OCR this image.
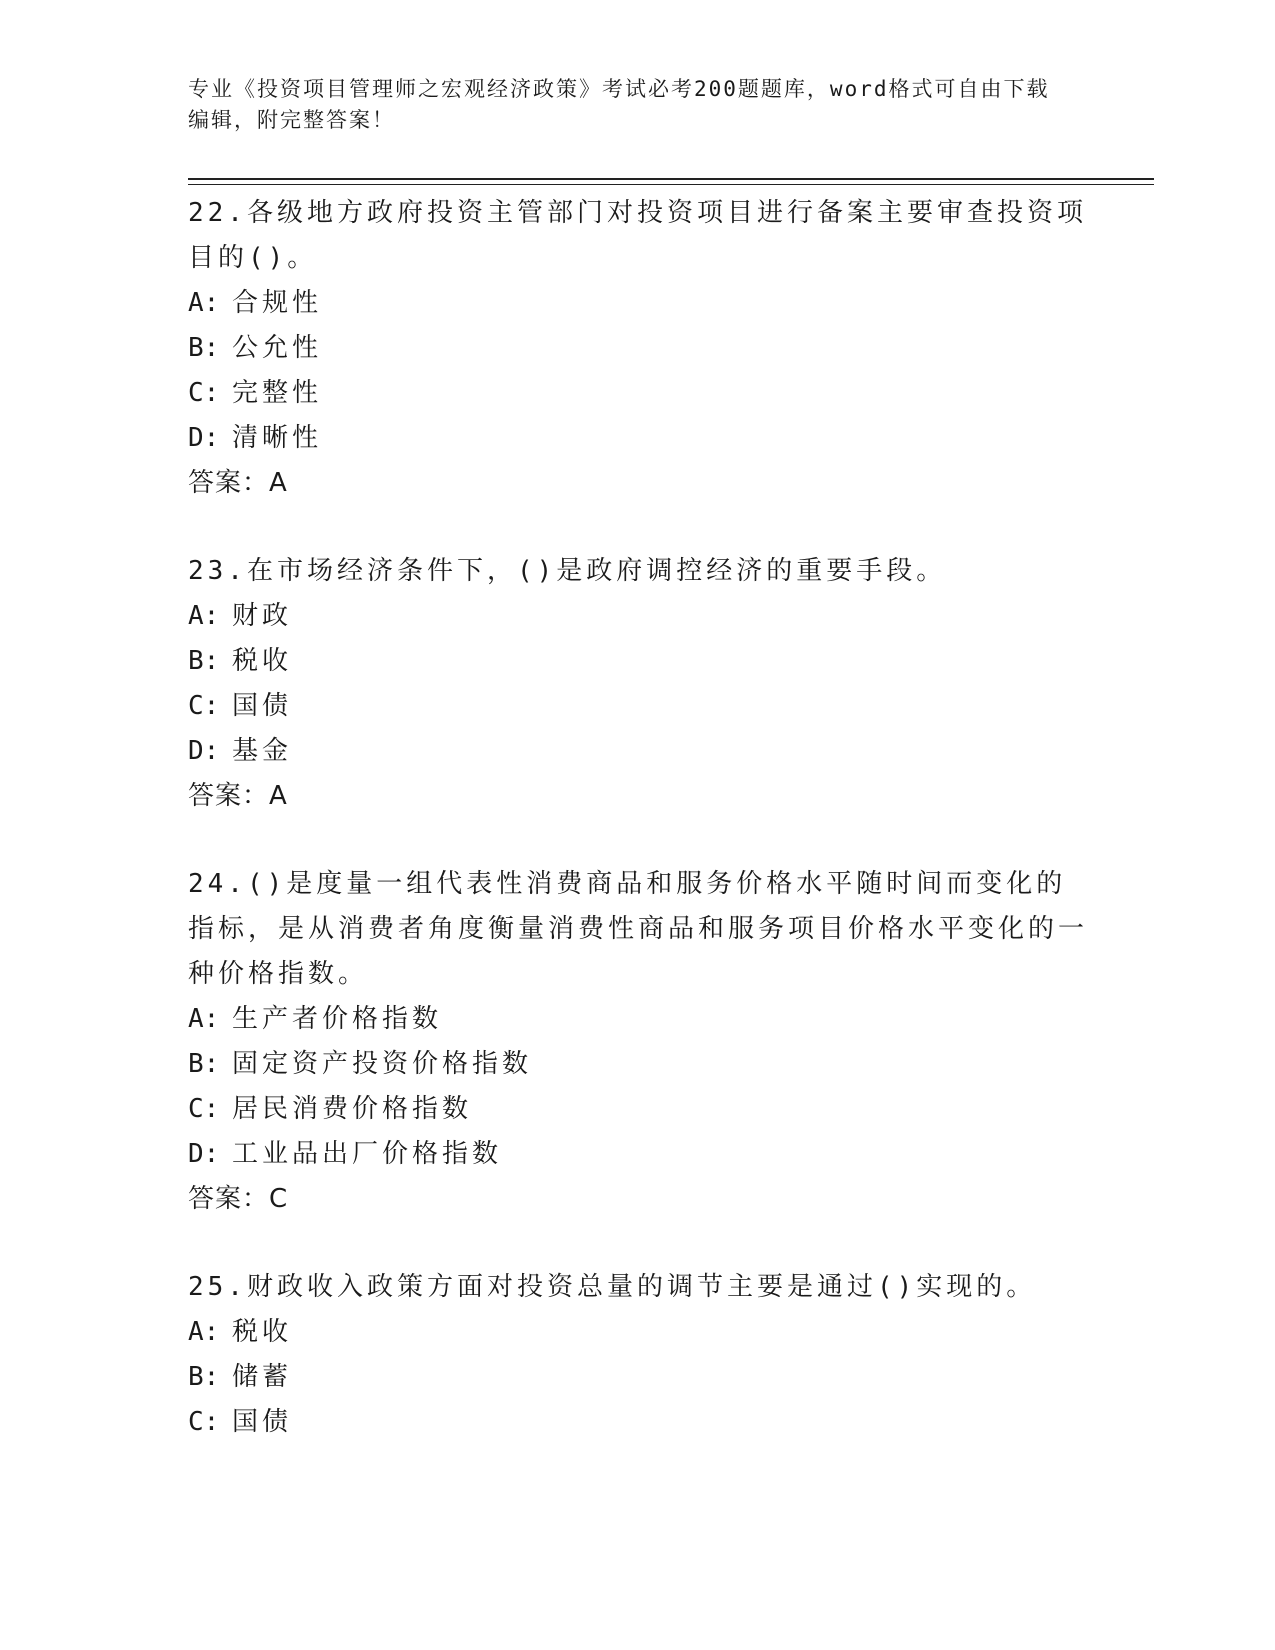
专业《投资项目管理师之宏观经济政策》考试必考200题题库，word格式可自由下载编辑，附完整答案！

22.各级地方政府投资主管部门对投资项目进行备案主要审查投资项目的()。

A: 合规性

B: 公允性

C: 完整性

D: 清晰性

答案：A

23.在市场经济条件下，()是政府调控经济的重要手段。

A: 财政

B: 税收

C: 国债

D: 基金

答案：A

24.()是度量一组代表性消费商品和服务价格水平随时间而变化的指标，是从消费者角度衡量消费性商品和服务项目价格水平变化的一种价格指数。

A: 生产者价格指数

B: 固定资产投资价格指数

C: 居民消费价格指数

D: 工业品出厂价格指数

答案：C

25.财政收入政策方面对投资总量的调节主要是通过()实现的。

A: 税收

B: 储蓄

C: 国债
